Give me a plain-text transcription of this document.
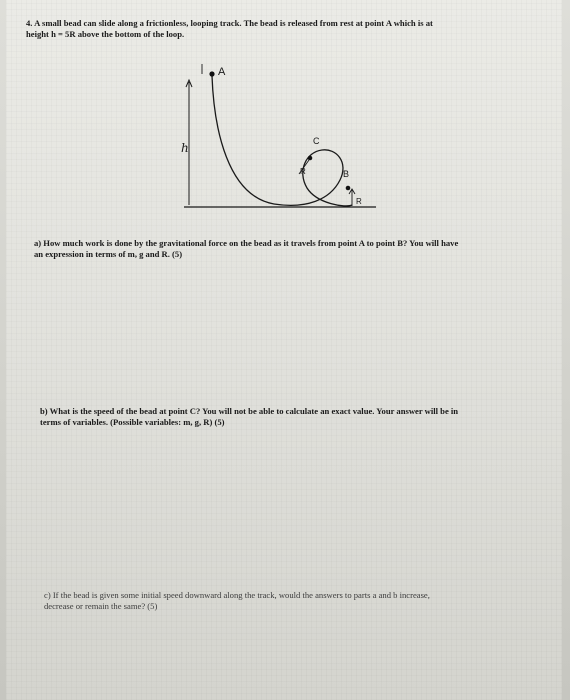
4. A small bead can slide along a frictionless, looping track. The bead is released from rest at point A which is at
height h = 5R above the bottom of the loop.
A
h	C
B
R
R
a) How much work is done by the gravitational force on the bead as it travels from point A to point B? You will have
an expression in terms of m, g and R. (5)
b) What is the speed of the bead at point C? You will not be able to calculate an exact value. Your answer will be in
terms of variables. (Possible variables: m, g, R) (5)
c) If the bead is given some initial speed downward along the track, would the answers to parts a and b increase,
decrease or remain the same? (5)
